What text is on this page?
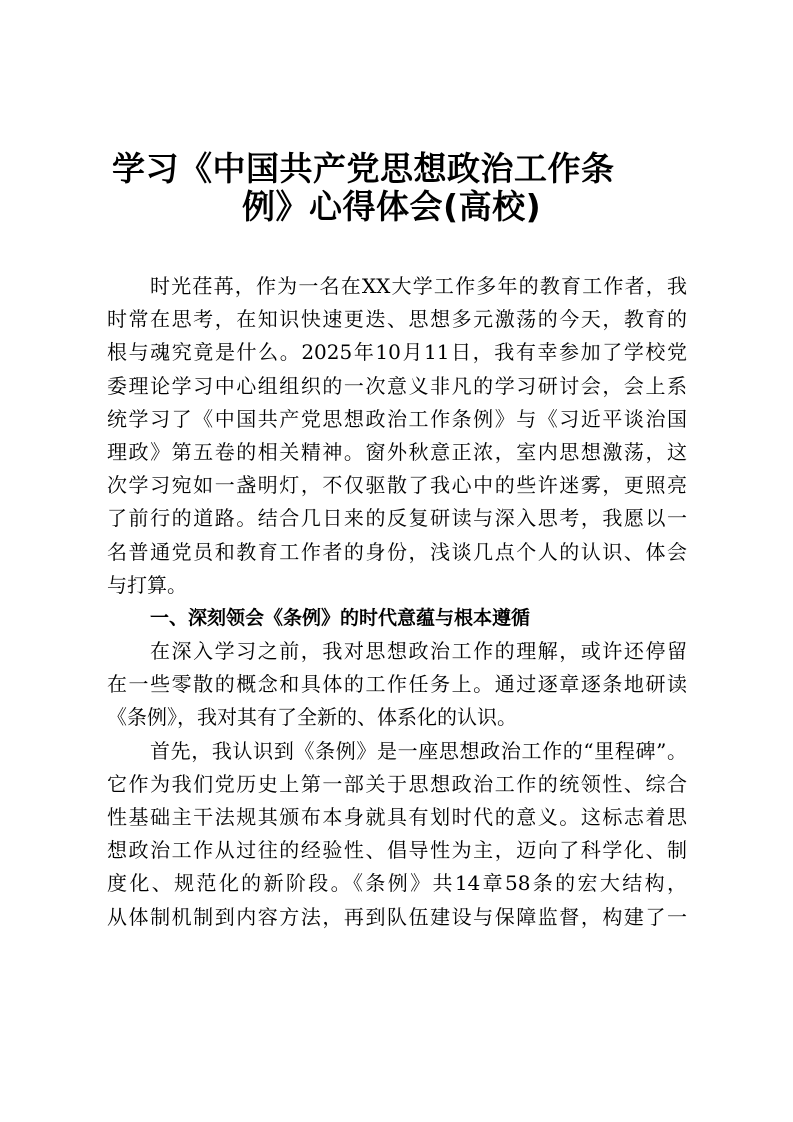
学习《中国共产党思想政治工作条
例》心得体会(高校)
时光荏苒，作为一名在XX大学工作多年的教育工作者，我
时常在思考，在知识快速更迭、思想多元激荡的今天，教育的
根与魂究竟是什么。2025年10月11日，我有幸参加了学校党
委理论学习中心组组织的一次意义非凡的学习研讨会，会上系
统学习了《中国共产党思想政治工作条例》与《习近平谈治国
理政》第五卷的相关精神。窗外秋意正浓，室内思想激荡，这
次学习宛如一盏明灯，不仅驱散了我心中的些许迷雾，更照亮
了前行的道路。结合几日来的反复研读与深入思考，我愿以一
名普通党员和教育工作者的身份，浅谈几点个人的认识、体会
与打算。
一、深刻领会《条例》的时代意蕴与根本遵循
在深入学习之前，我对思想政治工作的理解，或许还停留
在一些零散的概念和具体的工作任务上。通过逐章逐条地研读
《条例》，我对其有了全新的、体系化的认识。
首先，我认识到《条例》是一座思想政治工作的“里程碑”。
它作为我们党历史上第一部关于思想政治工作的统领性、综合
性基础主干法规其颁布本身就具有划时代的意义。这标志着思
想政治工作从过往的经验性、倡导性为主，迈向了科学化、制
度化、规范化的新阶段。《条例》共14章58条的宏大结构，
从体制机制到内容方法，再到队伍建设与保障监督，构建了一
